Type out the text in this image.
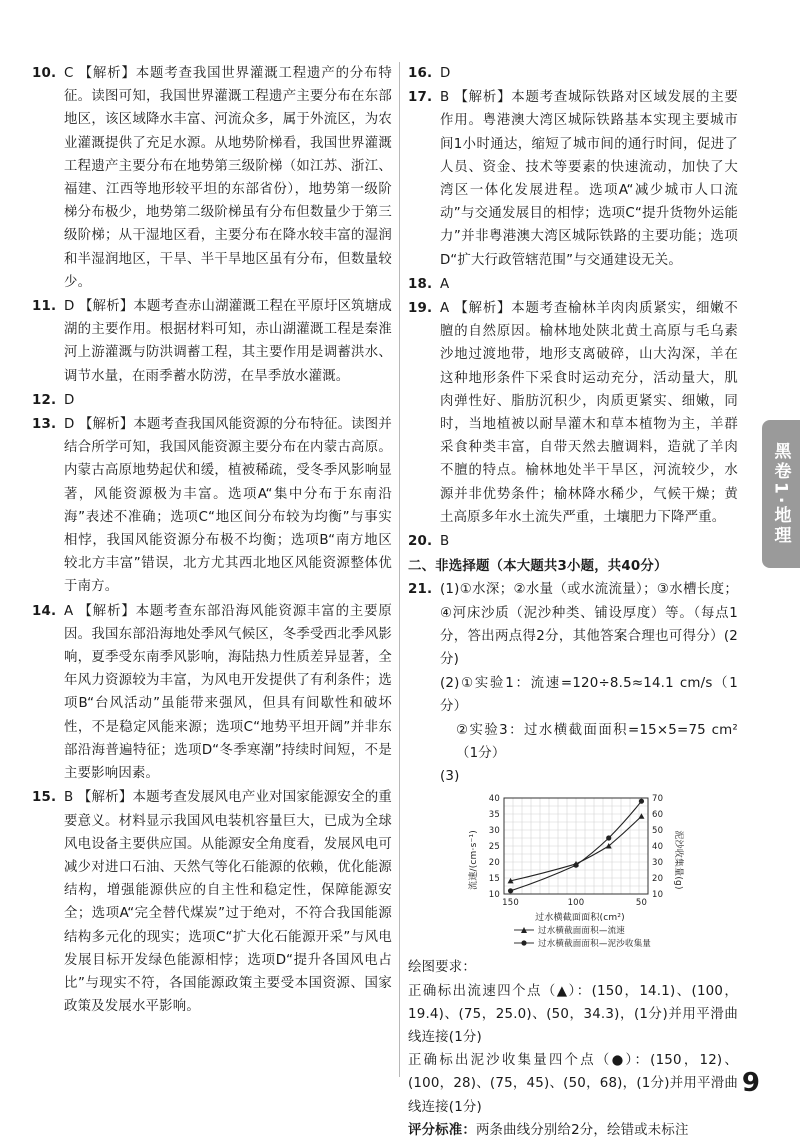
10. C 【解析】本题考查我国世界灌溉工程遗产的分布特征。读图可知，我国世界灌溉工程遗产主要分布在东部地区，该区域降水丰富、河流众多，属于外流区，为农业灌溉提供了充足水源。从地势阶梯看，我国世界灌溉工程遗产主要分布在地势第三级阶梯（如江苏、浙江、福建、江西等地形较平坦的东部省份），地势第一级阶梯分布极少，地势第二级阶梯虽有分布但数量少于第三级阶梯；从干湿地区看，主要分布在降水较丰富的湿润和半湿润地区，干旱、半干旱地区虽有分布，但数量较少。
11. D 【解析】本题考查赤山湖灌溉工程在平原圩区筑塘成湖的主要作用。根据材料可知，赤山湖灌溉工程是秦淮河上游灌溉与防洪调蓄工程，其主要作用是调蓄洪水、调节水量，在雨季蓄水防涝，在旱季放水灌溉。
12. D
13. D 【解析】本题考查我国风能资源的分布特征。读图并结合所学可知，我国风能资源主要分布在内蒙古高原。内蒙古高原地势起伏和缓，植被稀疏，受冬季风影响显著，风能资源极为丰富。选项A“集中分布于东南沿海”表述不准确；选项C“地区间分布较为均衡”与事实相悖，我国风能资源分布极不均衡；选项B“南方地区较北方丰富”错误，北方尤其西北地区风能资源整体优于南方。
14. A 【解析】本题考查东部沿海风能资源丰富的主要原因。我国东部沿海地处季风气候区，冬季受西北季风影响，夏季受东南季风影响，海陆热力性质差异显著，全年风力资源较为丰富，为风电开发提供了有利条件；选项B“台风活动”虽能带来强风，但具有间歇性和破坏性，不是稳定风能来源；选项C“地势平坦开阔”并非东部沿海普遍特征；选项D“冬季寒潮”持续时间短，不是主要影响因素。
15. B 【解析】本题考查发展风电产业对国家能源安全的重要意义。材料显示我国风电装机容量巨大，已成为全球风电设备主要供应国。从能源安全角度看，发展风电可减少对进口石油、天然气等化石能源的依赖，优化能源结构，增强能源供应的自主性和稳定性，保障能源安全；选项A“完全替代煤炭”过于绝对，不符合我国能源结构多元化的现实；选项C“扩大化石能源开采”与风电发展目标开发绿色能源相悖；选项D“提升各国风电占比”与现实不符，各国能源政策主要受本国资源、国家政策及发展水平影响。
16. D
17. B 【解析】本题考查城际铁路对区域发展的主要作用。粤港澳大湾区城际铁路基本实现主要城市间1小时通达，缩短了城市间的通行时间，促进了人员、资金、技术等要素的快速流动，加快了大湾区一体化发展进程。选项A“减少城市人口流动”与交通发展目的相悖；选项C“提升货物外运能力”并非粤港澳大湾区城际铁路的主要功能；选项D“扩大行政管辖范围”与交通建设无关。
18. A
19. A 【解析】本题考查榆林羊肉肉质紧实，细嫩不膻的自然原因。榆林地处陕北黄土高原与毛乌素沙地过渡地带，地形支离破碎，山大沟深，羊在这种地形条件下采食时运动充分，活动量大，肌肉弹性好、脂肪沉积少，肉质更紧实、细嫩，同时，当地植被以耐旱灌木和草本植物为主，羊群采食种类丰富，自带天然去膻调料，造就了羊肉不膻的特点。榆林地处半干旱区，河流较少，水源并非优势条件；榆林降水稀少，气候干燥；黄土高原多年水土流失严重，土壤肥力下降严重。
20. B
二、非选择题（本大题共3小题，共40分）
21. (1)①水深；②水量（或水流流量）；③水槽长度；④河床沙质（泥沙种类、铺设厚度）等。（每点1分，答出两点得2分，其他答案合理也可得分）(2分)
(2)①实验1：流速=120÷8.5≈14.1 cm/s（1分）
②实验3：过水横截面面积=15×5=75 cm²（1分）
(3)
10
15
20
25
30
35
40
10
20
30
40
50
60
70
150	100	50
流速/(cm·s⁻¹)	泥沙收集量(g)
过水横截面面积(cm²)
过水横截面面积—流速
过水横截面面积—泥沙收集量
绘图要求：
正确标出流速四个点（▲）：(150，14.1)、(100，19.4)、(75，25.0)、(50，34.3)，(1分)并用平滑曲线连接(1分)
正确标出泥沙收集量四个点（●）：(150，12)、(100，28)、(75，45)、(50，68)，(1分)并用平滑曲线连接(1分)
评分标准：两条曲线分别给2分，绘错或未标注
黑卷1·地理
9
